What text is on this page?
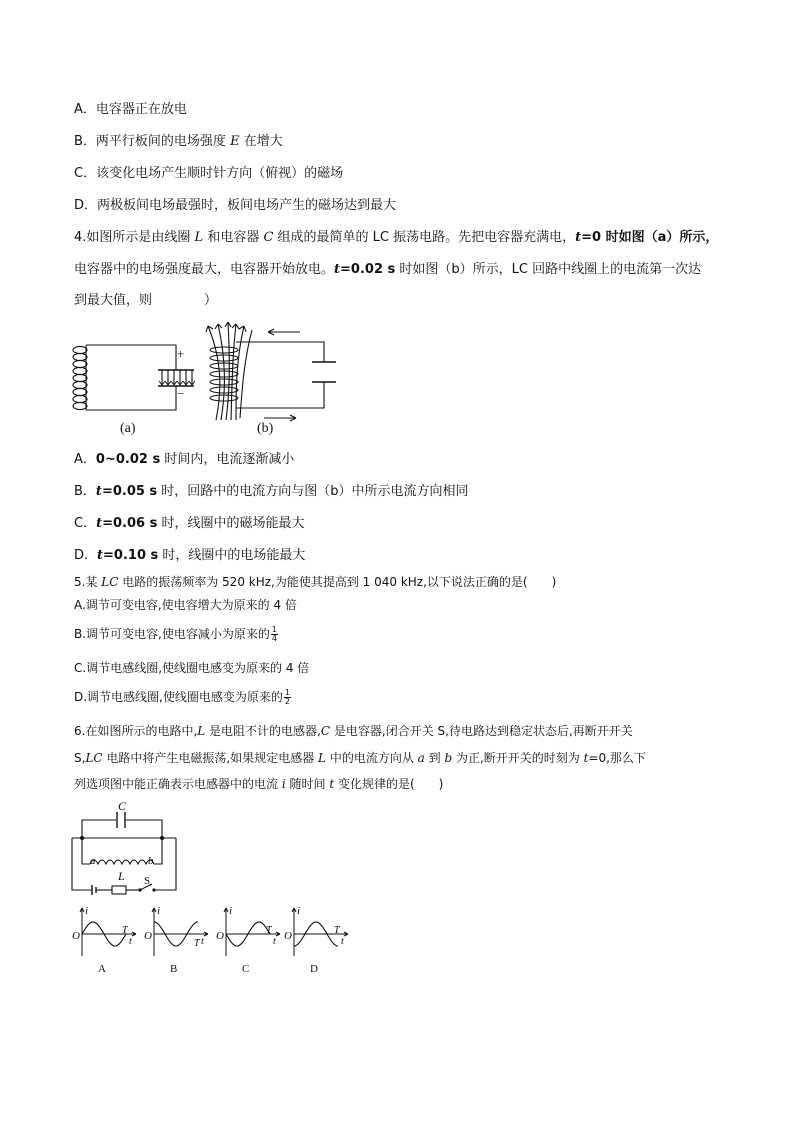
A．电容器正在放电
B．两平行板间的电场强度 E 在增大
C．该变化电场产生顺时针方向（俯视）的磁场
D．两极板间电场最强时，板间电场产生的磁场达到最大
4.如图所示是由线圈 L 和电容器 C 组成的最简单的 LC 振荡电路。先把电容器充满电，t=0 时如图（a）所示，
电容器中的电场强度最大，电容器开始放电。t=0.02 s 时如图（b）所示，LC 回路中线圈上的电流第一次达
到最大值，则　　　　）
+
−
(a)	(b)
A．0~0.02 s 时间内，电流逐渐减小
B．t=0.05 s 时，回路中的电流方向与图（b）中所示电流方向相同
C．t=0.06 s 时，线圈中的磁场能最大
D．t=0.10 s 时，线圈中的电场能最大
5.某 LC 电路的振荡频率为 520 kHz,为能使其提高到 1 040 kHz,以下说法正确的是(　　)
A.调节可变电容,使电容增大为原来的 4 倍
B.调节可变电容,使电容减小为原来的 $\frac{1}{4}$
C.调节电感线圈,使线圈电感变为原来的 4 倍
D.调节电感线圈,使线圈电感变为原来的 $\frac{1}{2}$
6.在如图所示的电路中,L 是电阻不计的电感器,C 是电容器,闭合开关 S,待电路达到稳定状态后,再断开开关
S,LC 电路中将产生电磁振荡,如果规定电感器 L 中的电流方向从 a 到 b 为正,断开开关的时刻为 t=0,那么下
列选项图中能正确表示电感器中的电流 i 随时间 t 变化规律的是(　　)
C
a
L
b
S
O
i
T
t
A
O
i
T t
B
O
i
T
t
C
O
i
T
t
D
